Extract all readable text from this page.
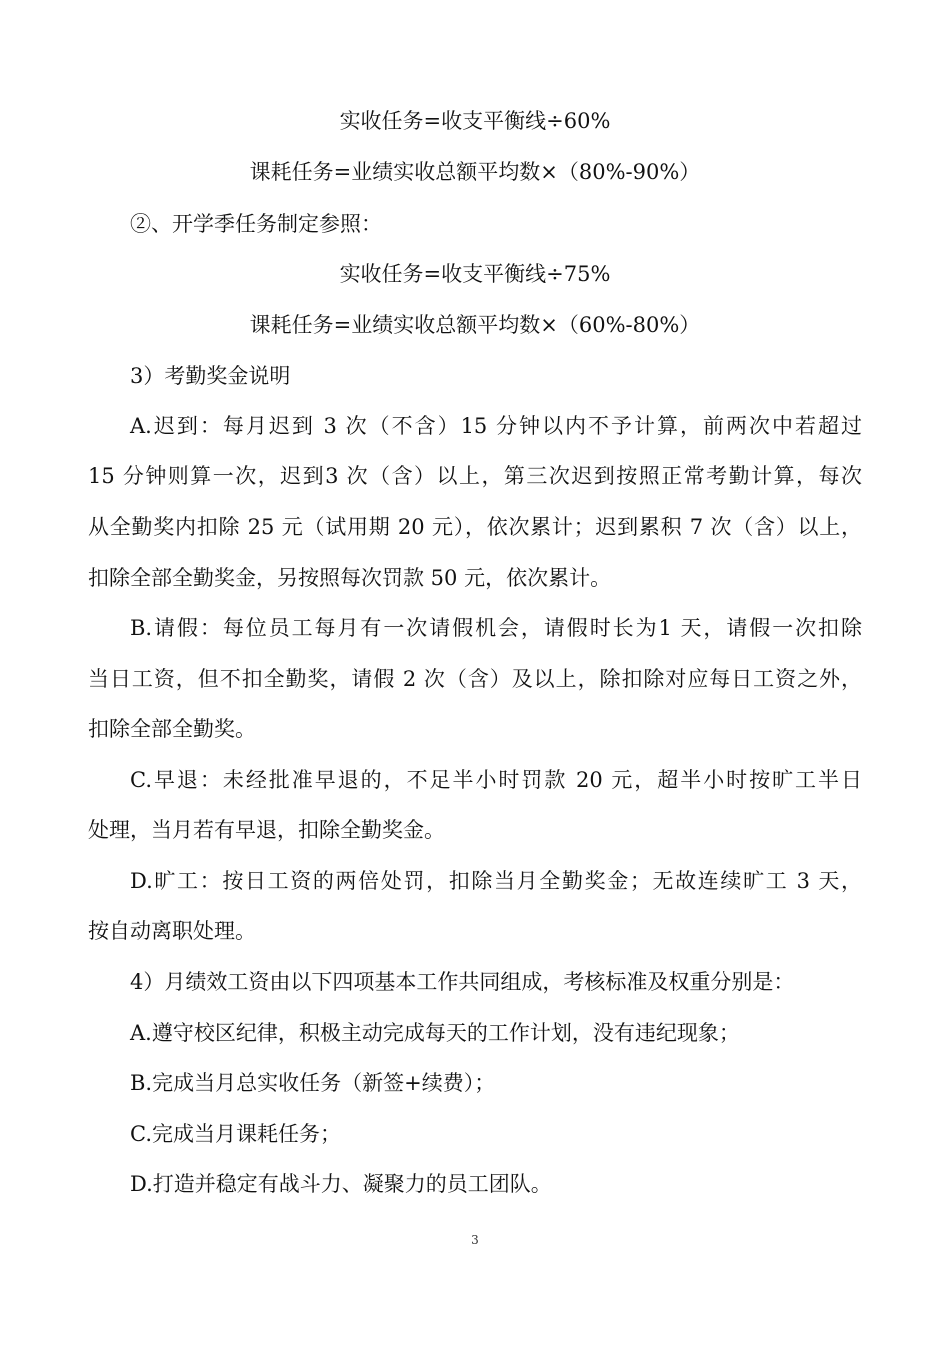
实收任务=收支平衡线÷60%
课耗任务=业绩实收总额平均数×（80%-90%）
②、开学季任务制定参照：
实收任务=收支平衡线÷75%
课耗任务=业绩实收总额平均数×（60%-80%）
3）考勤奖金说明
A.迟到：每月迟到 3 次（不含）15 分钟以内不予计算，前两次中若超过
15 分钟则算一次，迟到3 次（含）以上，第三次迟到按照正常考勤计算，每次
从全勤奖内扣除 25 元（试用期 20 元），依次累计；迟到累积 7 次（含）以上，
扣除全部全勤奖金，另按照每次罚款 50 元，依次累计。
B.请假：每位员工每月有一次请假机会，请假时长为1 天，请假一次扣除
当日工资，但不扣全勤奖，请假 2 次（含）及以上，除扣除对应每日工资之外，
扣除全部全勤奖。
C.早退：未经批准早退的，不足半小时罚款 20 元，超半小时按旷工半日
处理，当月若有早退，扣除全勤奖金。
D.旷工：按日工资的两倍处罚，扣除当月全勤奖金；无故连续旷工 3 天，
按自动离职处理。
4）月绩效工资由以下四项基本工作共同组成，考核标准及权重分别是：
A.遵守校区纪律，积极主动完成每天的工作计划，没有违纪现象；
B.完成当月总实收任务（新签+续费）；
C.完成当月课耗任务；
D.打造并稳定有战斗力、凝聚力的员工团队。
3
